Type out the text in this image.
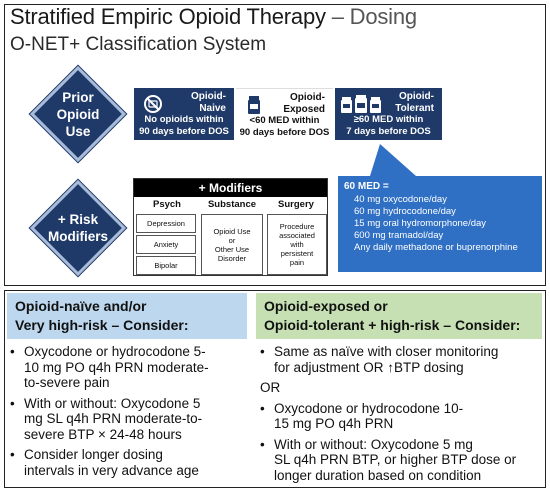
Stratified Empiric Opioid Therapy – Dosing
O-NET+ Classification System
Prior
Opioid
Use
Opioid-
Naive
No opioids within
90 days before DOS
Opioid-
Exposed
<60 MED within
90 days before DOS
Opioid-
Tolerant
≥60 MED within
7 days before DOS
+ Risk
Modifiers
+ Modifiers
Psych	Substance	Surgery
Depression
Anxiety
Bipolar
Opioid Use
or
Other Use
Disorder
Procedure
associated
with
persistent
pain
60 MED =
40 mg oxycodone/day
60 mg hydrocodone/day
15 mg oral hydromorphone/day
600 mg tramadol/day
Any daily methadone or buprenorphine
Opioid-naïve and/or
Very high-risk – Consider:
Opioid-exposed or
Opioid-tolerant + high-risk – Consider:
• Oxycodone or hydrocodone 5-
10 mg PO q4h PRN moderate-
to-severe pain
• With or without: Oxycodone 5
mg SL q4h PRN moderate-to-
severe BTP × 24-48 hours
• Consider longer dosing
intervals in very advance age
• Same as naïve with closer monitoring
for adjustment OR ↑BTP dosing
OR
• Oxycodone or hydrocodone 10-
15 mg PO q4h PRN
• With or without: Oxycodone 5 mg
SL q4h PRN BTP, or higher BTP dose or
longer duration based on condition
